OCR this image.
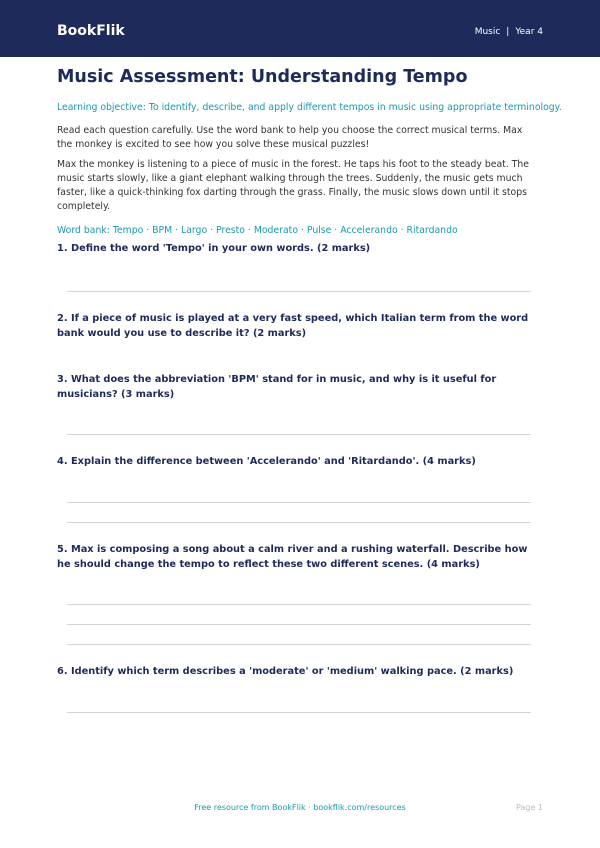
BookFlik	Music | Year 4
Music Assessment: Understanding Tempo
Learning objective: To identify, describe, and apply different tempos in music using appropriate terminology.
Read each question carefully. Use the word bank to help you choose the correct musical terms. Max the monkey is excited to see how you solve these musical puzzles!
Max the monkey is listening to a piece of music in the forest. He taps his foot to the steady beat. The music starts slowly, like a giant elephant walking through the trees. Suddenly, the music gets much faster, like a quick-thinking fox darting through the grass. Finally, the music slows down until it stops completely.
Word bank: Tempo · BPM · Largo · Presto · Moderato · Pulse · Accelerando · Ritardando
1. Define the word 'Tempo' in your own words. (2 marks)
2. If a piece of music is played at a very fast speed, which Italian term from the word bank would you use to describe it? (2 marks)
3. What does the abbreviation 'BPM' stand for in music, and why is it useful for musicians? (3 marks)
4. Explain the difference between 'Accelerando' and 'Ritardando'. (4 marks)
5. Max is composing a song about a calm river and a rushing waterfall. Describe how he should change the tempo to reflect these two different scenes. (4 marks)
6. Identify which term describes a 'moderate' or 'medium' walking pace. (2 marks)
Free resource from BookFlik · bookflik.com/resources	Page 1
